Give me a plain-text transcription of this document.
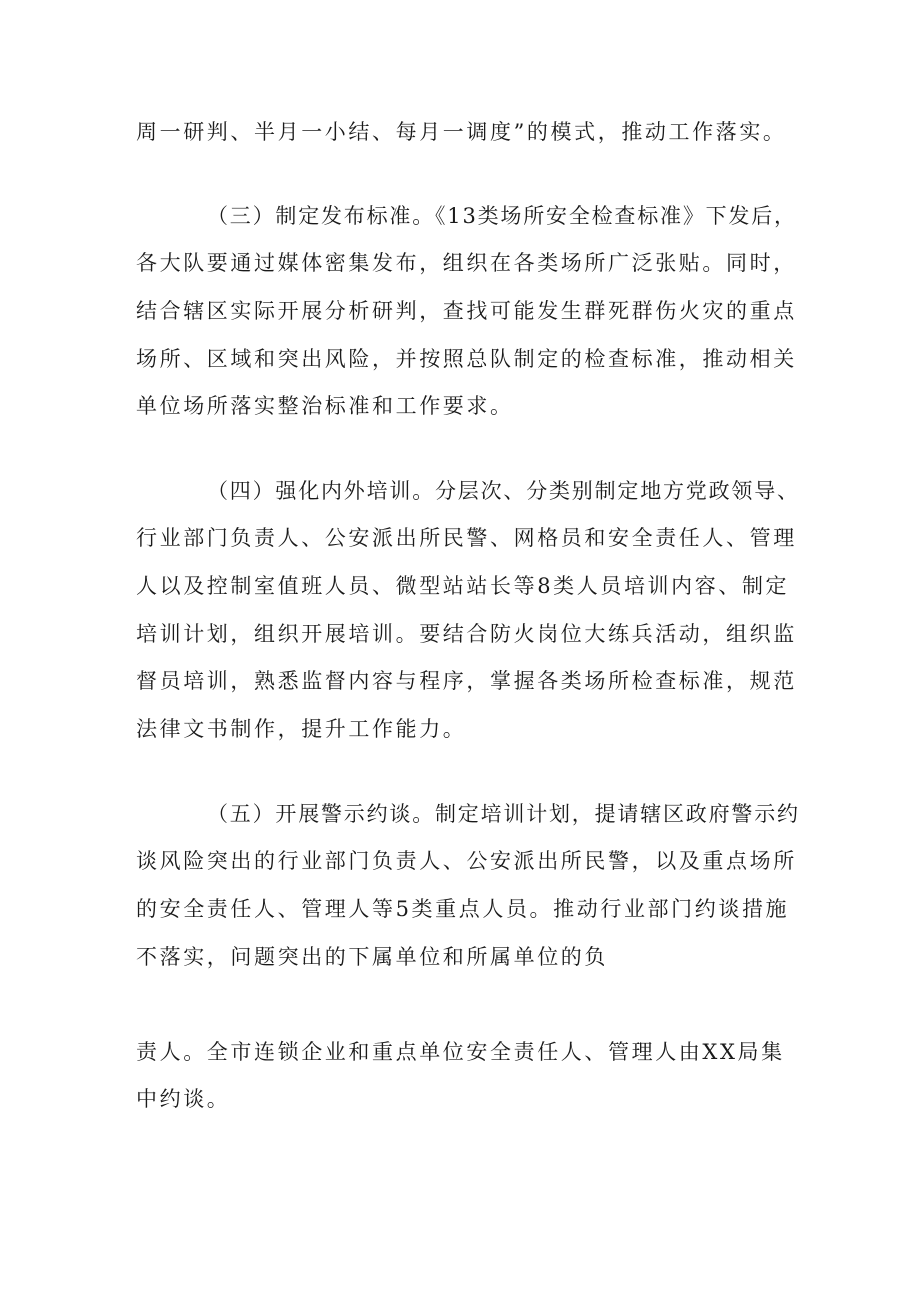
周一研判、半月一小结、每月一调度”的模式，推动工作落实。
（三）制定发布标准。《13类场所安全检查标准》下发后，
各大队要通过媒体密集发布，组织在各类场所广泛张贴。同时，
结合辖区实际开展分析研判，查找可能发生群死群伤火灾的重点
场所、区域和突出风险，并按照总队制定的检查标准，推动相关
单位场所落实整治标准和工作要求。
（四）强化内外培训。分层次、分类别制定地方党政领导、
行业部门负责人、公安派出所民警、网格员和安全责任人、管理
人以及控制室值班人员、微型站站长等8类人员培训内容、制定
培训计划，组织开展培训。要结合防火岗位大练兵活动，组织监
督员培训，熟悉监督内容与程序，掌握各类场所检查标准，规范
法律文书制作，提升工作能力。
（五）开展警示约谈。制定培训计划，提请辖区政府警示约
谈风险突出的行业部门负责人、公安派出所民警，以及重点场所
的安全责任人、管理人等5类重点人员。推动行业部门约谈措施
不落实，问题突出的下属单位和所属单位的负
责人。全市连锁企业和重点单位安全责任人、管理人由XX局集
中约谈。
